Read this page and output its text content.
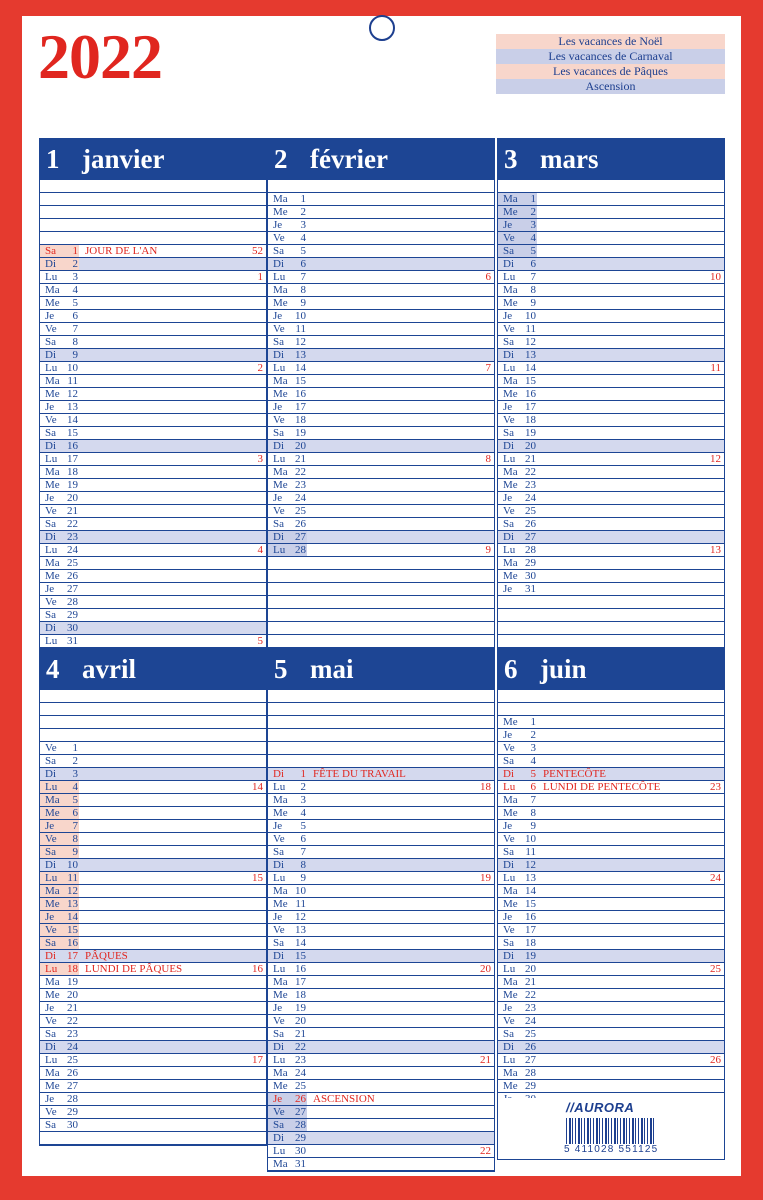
2022	Les vacances de Noël
Les vacances de Carnaval
Les vacances de Pâques
Ascension
1 janvier
Sa	1 JOUR DE L'AN	52
Di	2
Lu	3	1
Ma	4
Me	5
Je	6
Ve	7
Sa	8
Di	9
Lu 10	2
Ma 11
Me 12
Je 13
Ve 14
Sa 15
Di 16
Lu 17	3
Ma 18
Me 19
Je 20
Ve 21
Sa 22
Di 23
Lu 24	4
Ma 25
Me 26
Je 27
Ve 28
Sa 29
Di 30
Lu 31	5
2 février
Ma	1
Me	2
Je	3
Ve	4
Sa	5
Di	6
Lu	7	6
Ma	8
Me	9
Je 10
Ve 11
Sa 12
Di 13
Lu 14	7
Ma 15
Me 16
Je 17
Ve 18
Sa 19
Di 20
Lu 21	8
Ma 22
Me 23
Je 24
Ve 25
Sa 26
Di 27
Lu 28	9
3 mars
Ma	1
Me	2
Je	3
Ve	4
Sa	5
Di	6
Lu	7	10
Ma	8
Me	9
Je 10
Ve 11
Sa 12
Di 13
Lu 14	11
Ma 15
Me 16
Je 17
Ve 18
Sa 19
Di 20
Lu 21	12
Ma 22
Me 23
Je 24
Ve 25
Sa 26
Di 27
Lu 28	13
Ma 29
Me 30
Je 31
4 avril
Ve	1
Sa	2
Di	3
Lu	4	14
Ma	5
Me	6
Je	7
Ve	8
Sa	9
Di 10
Lu 11	15
Ma 12
Me 13
Je 14
Ve 15
Sa 16
Di 17 PÂQUES
Lu 18 LUNDI DE PÂQUES	16
Ma 19
Me 20
Je 21
Ve 22
Sa 23
Di 24
Lu 25	17
Ma 26
Me 27
Je 28
Ve 29
Sa 30
5 mai
Di	1 FÊTE DU TRAVAIL
Lu	2	18
Ma	3
Me	4
Je	5
Ve	6
Sa	7
Di	8
Lu	9	19
Ma 10
Me 11
Je 12
Ve 13
Sa 14
Di 15
Lu 16	20
Ma 17
Me 18
Je 19
Ve 20
Sa 21
Di 22
Lu 23	21
Ma 24
Me 25
Je 26 ASCENSION
Ve 27
Sa 28
Di 29
Lu 30	22
Ma 31
6 juin
Me	1
Je	2
Ve	3
Sa	4
Di	5 PENTECÔTE
Lu	6 LUNDI DE PENTECÔTE	23
Ma	7
Me	8
Je	9
Ve 10
Sa	11
Di 12
Lu 13	24
Ma 14
Me 15
Je 16
Ve 17
Sa 18
Di 19
Lu 20	25
Ma 21
Me 22
Je 23
Ve 24
Sa 25
Di 26
Lu 27	26
Ma 28
Me 29
//AURORA
5 411028 551125
